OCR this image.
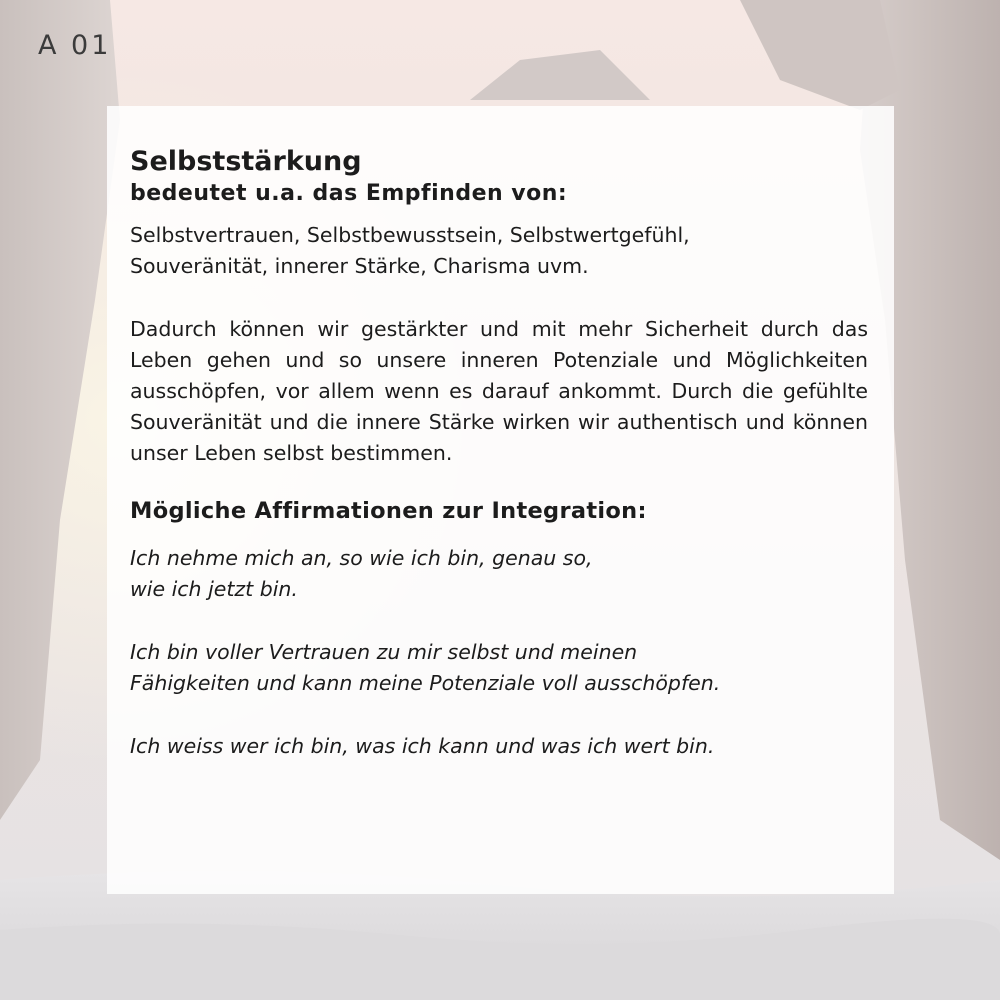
A 01
Selbststärkung
bedeutet u.a. das Empfinden von:
Selbstvertrauen, Selbstbewusstsein, Selbstwertgefühl,
Souveränität, innerer Stärke, Charisma uvm.
Dadurch können wir gestärkter und mit mehr Sicherheit durch das Leben gehen und so unsere inneren Potenziale und Möglichkeiten ausschöpfen, vor allem wenn es darauf ankommt. Durch die gefühlte Souveränität und die innere Stärke wirken wir authentisch und können unser Leben selbst bestimmen.
Mögliche Affirmationen zur Integration:
Ich nehme mich an, so wie ich bin, genau so,
wie ich jetzt bin.
Ich bin voller Vertrauen zu mir selbst und meinen
Fähigkeiten und kann meine Potenziale voll ausschöpfen.
Ich weiss wer ich bin, was ich kann und was ich wert bin.
